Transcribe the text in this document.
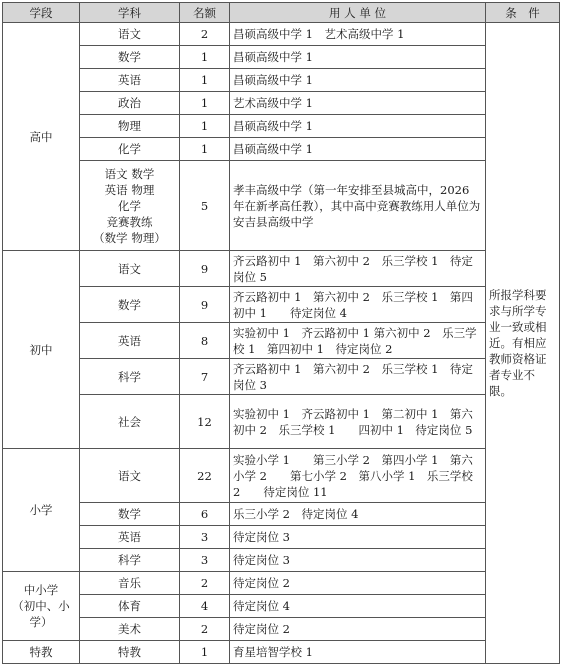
学段	学科	名额	用 人 单 位	条　件
高中	语文	2	昌硕高级中学 1　艺术高级中学 1	所报学科要求与所学专业一致或相近。有相应教师资格证者专业不限。
	数学	1	昌硕高级中学 1	
	英语	1	昌硕高级中学 1	
	政治	1	艺术高级中学 1	
	物理	1	昌硕高级中学 1	
	化学	1	昌硕高级中学 1	

	语文 数学
英语 物理
化学
竞赛教练
（数学 物理）	5	孝丰高级中学（第一年安排至县城高中，2026 年在新孝高任教），其中高中竞赛教练用人单位为安吉县高级中学	
初中	语文	9	齐云路初中 1　第六初中 2　乐三学校 1　待定岗位 5	
	数学	9	齐云路初中 1　第六初中 2　乐三学校 1　第四初中 1　　待定岗位 4	
	英语	8	实验初中 1　齐云路初中 1 第六初中 2　乐三学校 1　第四初中 1　待定岗位 2	
	科学	7	齐云路初中 1　第六初中 2　乐三学校 1　待定岗位 3	
	社会	12	实验初中 1　齐云路初中 1　第二初中 1　第六初中 2　乐三学校 1　　四初中 1　待定岗位 5	
小学	语文	22	实验小学 1　　第三小学 2　第四小学 1　第六小学 2　　第七小学 2　第八小学 1　乐三学校 2　　待定岗位 11	
	数学	6	乐三小学 2　待定岗位 4	
	英语	3	待定岗位 3	
	科学	3	待定岗位 3	

中小学
（初中、小
学）	音乐	2	待定岗位 2	
	体育	4	待定岗位 4	
	美术	2	待定岗位 2	
特教	特教	1	育星培智学校 1	
